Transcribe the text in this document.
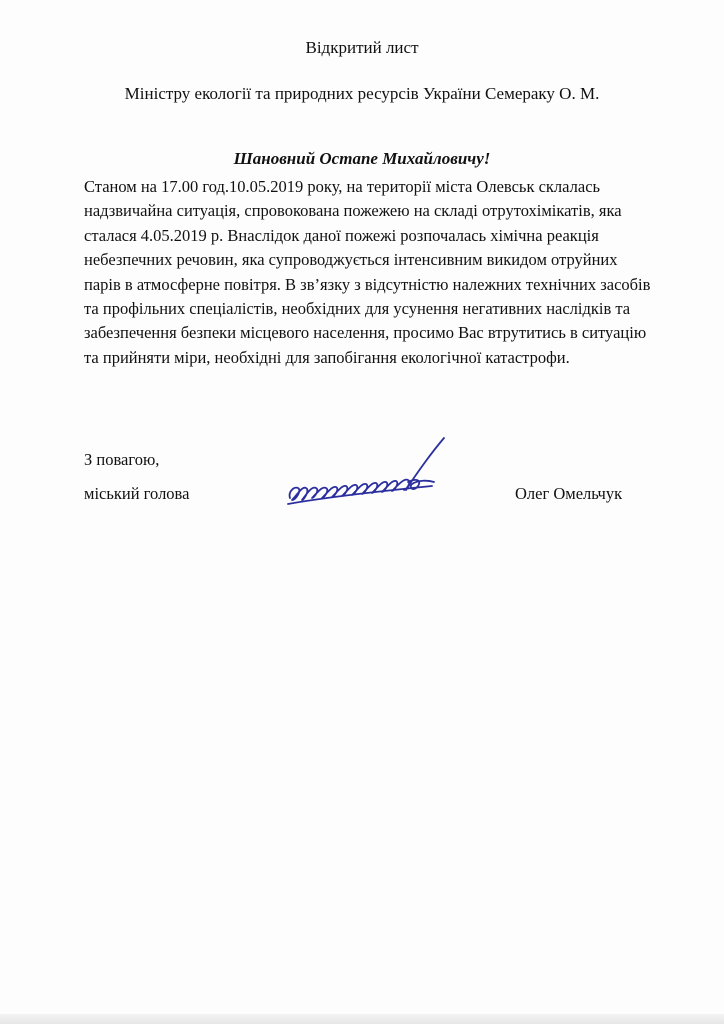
Відкритий лист

Міністру екології та природних ресурсів України Семераку О. М.

Шановний Остапе Михайловичу!

Станом на 17.00 год.10.05.2019 року, на території міста Олевськ склалась
надзвичайна ситуація, спровокована пожежею на складі отрутохімікатів, яка
сталася 4.05.2019 р. Внаслідок даної пожежі розпочалась хімічна реакція
небезпечних речовин, яка супроводжується інтенсивним викидом отруйних
парів в атмосферне повітря. В зв’язку з відсутністю належних технічних засобів
та профільних спеціалістів, необхідних для усунення негативних наслідків та
забезпечення безпеки місцевого населення, просимо Вас втрутитись в ситуацію
та прийняти міри, необхідні для запобігання екологічної катастрофи.

З повагою,

міський голова	Олег Омельчук
